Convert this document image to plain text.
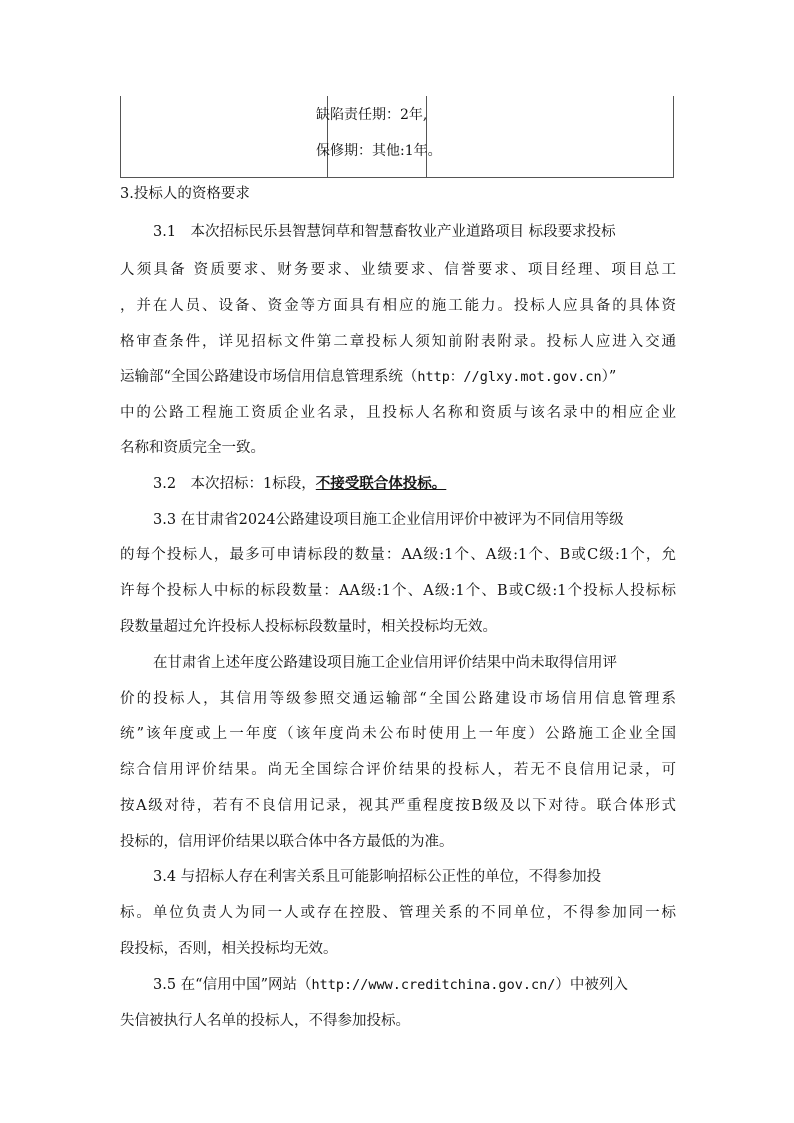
缺陷责任期：2年,
保修期：其他:1年。
3.投标人的资格要求
3.1　本次招标民乐县智慧饲草和智慧畜牧业产业道路项目 标段要求投标
人须具备 资质要求、财务要求、业绩要求、信誉要求、项目经理、项目总工
，并在人员、设备、资金等方面具有相应的施工能力。投标人应具备的具体资
格审查条件，详见招标文件第二章投标人须知前附表附录。投标人应进入交通
运输部“全国公路建设市场信用信息管理系统（http：//glxy.mot.gov.cn）”
中的公路工程施工资质企业名录，且投标人名称和资质与该名录中的相应企业
名称和资质完全一致。
3.2　本次招标：1标段，不接受联合体投标。
3.3 在甘肃省2024公路建设项目施工企业信用评价中被评为不同信用等级
的每个投标人，最多可申请标段的数量：AA级:1个、A级:1个、B或C级:1个，允
许每个投标人中标的标段数量：AA级:1个、A级:1个、B或C级:1个投标人投标标
段数量超过允许投标人投标标段数量时，相关投标均无效。
在甘肃省上述年度公路建设项目施工企业信用评价结果中尚未取得信用评
价的投标人，其信用等级参照交通运输部“全国公路建设市场信用信息管理系
统”该年度或上一年度（该年度尚未公布时使用上一年度）公路施工企业全国
综合信用评价结果。尚无全国综合评价结果的投标人，若无不良信用记录，可
按A级对待，若有不良信用记录，视其严重程度按B级及以下对待。联合体形式
投标的，信用评价结果以联合体中各方最低的为准。
3.4 与招标人存在利害关系且可能影响招标公正性的单位，不得参加投
标。单位负责人为同一人或存在控股、管理关系的不同单位，不得参加同一标
段投标，否则，相关投标均无效。
3.5 在“信用中国”网站（http://www.creditchina.gov.cn/）中被列入
失信被执行人名单的投标人，不得参加投标。
